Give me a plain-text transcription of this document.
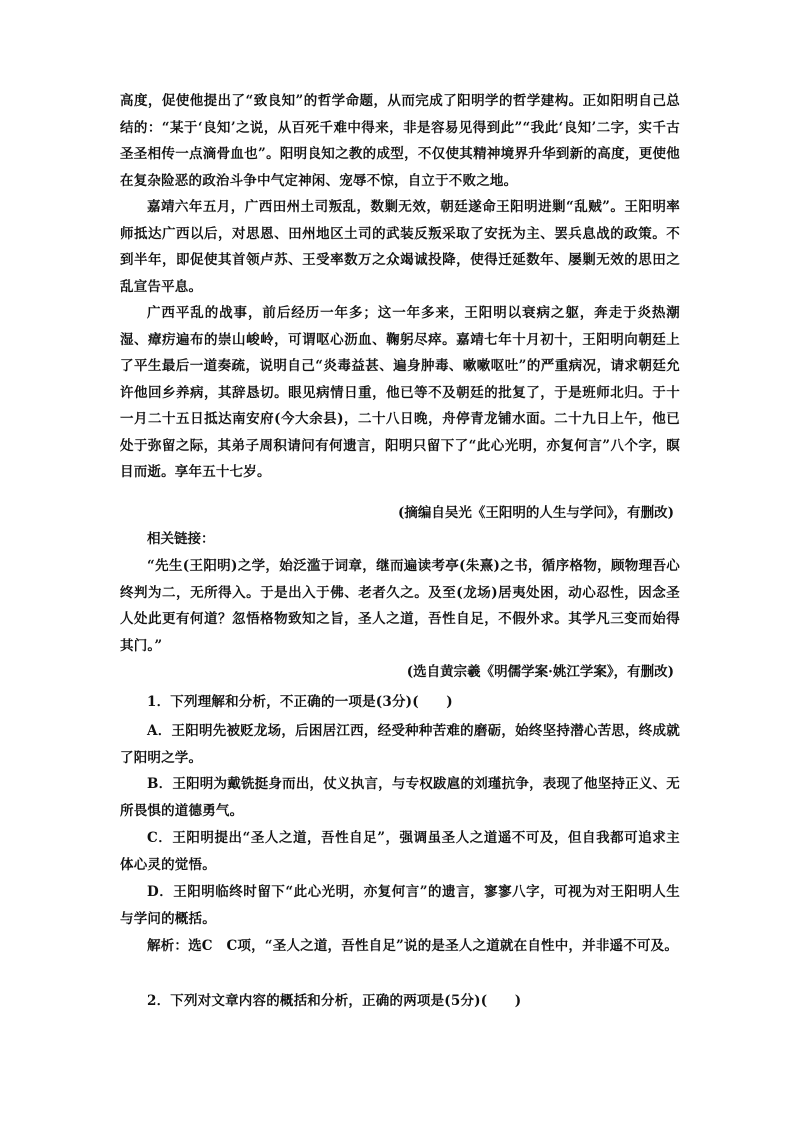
高度，促使他提出了“致良知”的哲学命题，从而完成了阳明学的哲学建构。正如阳明自己总结的：“某于‘良知’之说，从百死千难中得来，非是容易见得到此”“我此‘良知’二字，实千古圣圣相传一点滴骨血也”。阳明良知之教的成型，不仅使其精神境界升华到新的高度，更使他在复杂险恶的政治斗争中气定神闲、宠辱不惊，自立于不败之地。

嘉靖六年五月，广西田州土司叛乱，数剿无效，朝廷遂命王阳明进剿“乱贼”。王阳明率师抵达广西以后，对思恩、田州地区土司的武装反叛采取了安抚为主、罢兵息战的政策。不到半年，即促使其首领卢苏、王受率数万之众竭诚投降，使得迁延数年、屡剿无效的思田之乱宣告平息。

广西平乱的战事，前后经历一年多；这一年多来，王阳明以衰病之躯，奔走于炎热潮湿、瘴疠遍布的崇山峻岭，可谓呕心沥血、鞠躬尽瘁。嘉靖七年十月初十，王阳明向朝廷上了平生最后一道奏疏，说明自己“炎毒益甚、遍身肿毒、嗽嗽呕吐”的严重病况，请求朝廷允许他回乡养病，其辞恳切。眼见病情日重，他已等不及朝廷的批复了，于是班师北归。于十一月二十五日抵达南安府(今大余县)，二十八日晚，舟停青龙铺水面。二十九日上午，他已处于弥留之际，其弟子周积请问有何遗言，阳明只留下了“此心光明，亦复何言”八个字，瞑目而逝。享年五十七岁。

(摘编自吴光《王阳明的人生与学问》，有删改)

相关链接：

“先生(王阳明)之学，始泛滥于词章，继而遍读考亭(朱熹)之书，循序格物，顾物理吾心终判为二，无所得入。于是出入于佛、老者久之。及至(龙场)居夷处困，动心忍性，因念圣人处此更有何道？忽悟格物致知之旨，圣人之道，吾性自足，不假外求。其学凡三变而始得其门。”

(选自黄宗羲《明儒学案·姚江学案》，有删改)

1．下列理解和分析，不正确的一项是(3分)(　　)

A．王阳明先被贬龙场，后困居江西，经受种种苦难的磨砺，始终坚持潜心苦思，终成就了阳明之学。

B．王阳明为戴铣挺身而出，仗义执言，与专权跋扈的刘瑾抗争，表现了他坚持正义、无所畏惧的道德勇气。

C．王阳明提出“圣人之道，吾性自足”，强调虽圣人之道遥不可及，但自我都可追求主体心灵的觉悟。

D．王阳明临终时留下“此心光明，亦复何言”的遗言，寥寥八字，可视为对王阳明人生与学问的概括。

解析：选C　C项，“圣人之道，吾性自足”说的是圣人之道就在自性中，并非遥不可及。

2．下列对文章内容的概括和分析，正确的两项是(5分)(　　)
